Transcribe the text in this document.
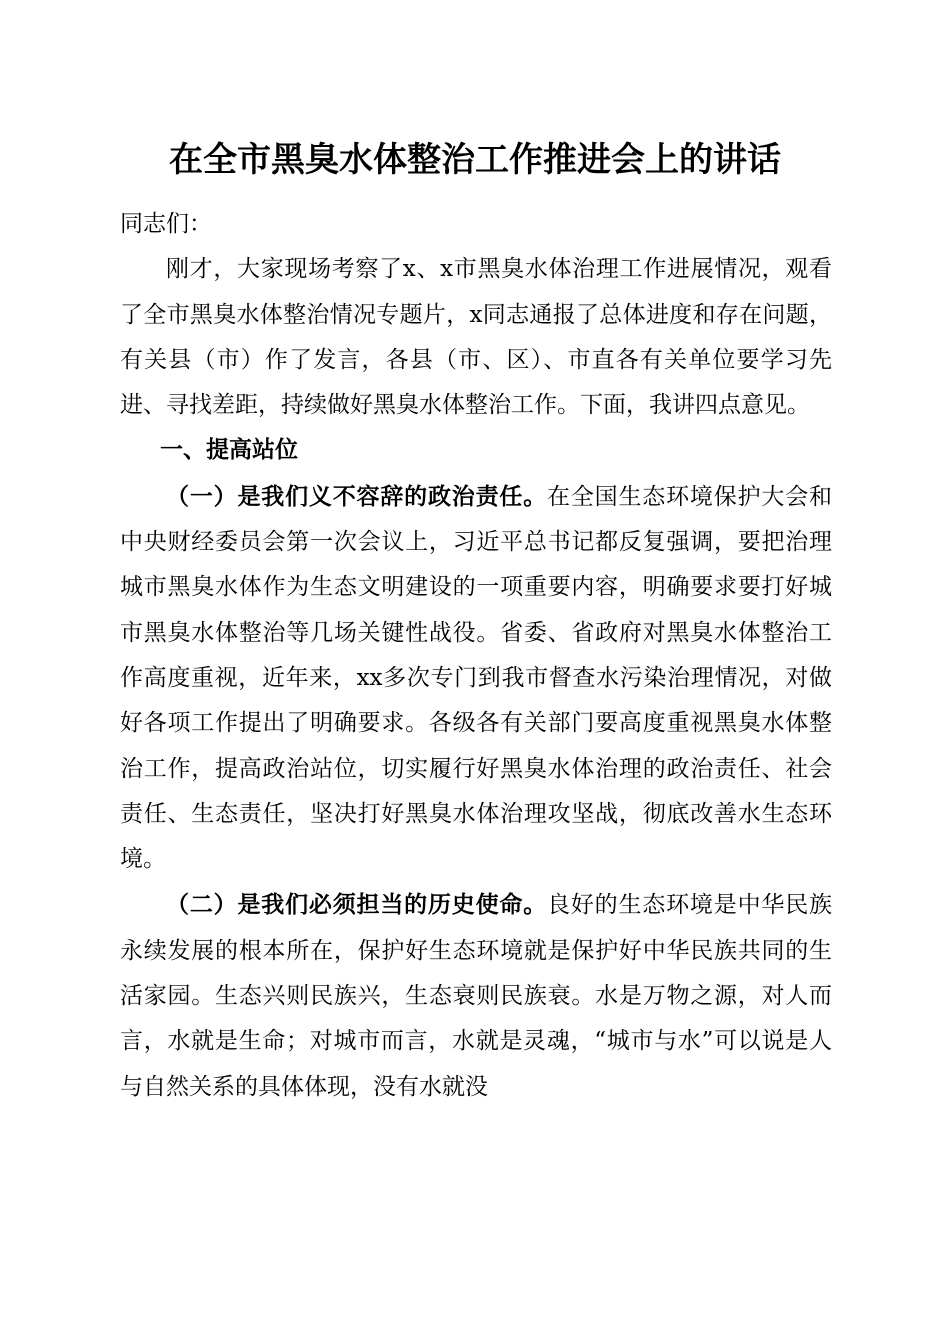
在全市黑臭水体整治工作推进会上的讲话

同志们：

刚才，大家现场考察了x、x市黑臭水体治理工作进展情况，观看了全市黑臭水体整治情况专题片，x同志通报了总体进度和存在问题，有关县（市）作了发言，各县（市、区）、市直各有关单位要学习先进、寻找差距，持续做好黑臭水体整治工作。下面，我讲四点意见。

一、提高站位

（一）是我们义不容辞的政治责任。在全国生态环境保护大会和中央财经委员会第一次会议上，习近平总书记都反复强调，要把治理城市黑臭水体作为生态文明建设的一项重要内容，明确要求要打好城市黑臭水体整治等几场关键性战役。省委、省政府对黑臭水体整治工作高度重视，近年来，xx多次专门到我市督查水污染治理情况，对做好各项工作提出了明确要求。各级各有关部门要高度重视黑臭水体整治工作，提高政治站位，切实履行好黑臭水体治理的政治责任、社会责任、生态责任，坚决打好黑臭水体治理攻坚战，彻底改善水生态环境。

（二）是我们必须担当的历史使命。良好的生态环境是中华民族永续发展的根本所在，保护好生态环境就是保护好中华民族共同的生活家园。生态兴则民族兴，生态衰则民族衰。水是万物之源，对人而言，水就是生命；对城市而言，水就是灵魂，“城市与水”可以说是人与自然关系的具体体现，没有水就没
